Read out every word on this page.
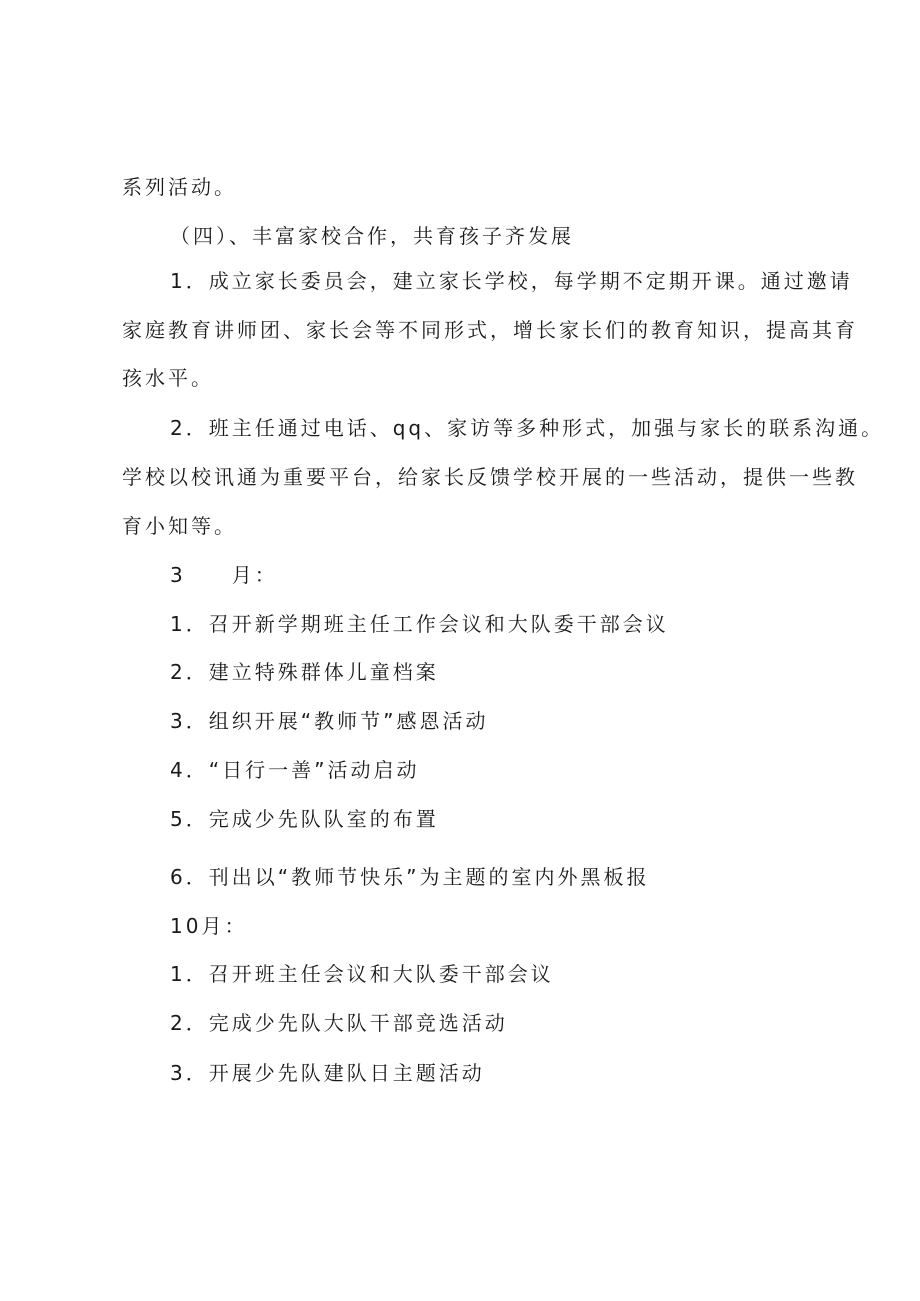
系列活动。

（四）、丰富家校合作，共育孩子齐发展

1．成立家长委员会，建立家长学校，每学期不定期开课。通过邀请

家庭教育讲师团、家长会等不同形式，增长家长们的教育知识，提高其育

孩水平。

2．班主任通过电话、qq、家访等多种形式，加强与家长的联系沟通。

学校以校讯通为重要平台，给家长反馈学校开展的一些活动，提供一些教

育小知等。

3　　月：

1．召开新学期班主任工作会议和大队委干部会议

2．建立特殊群体儿童档案

3．组织开展“教师节”感恩活动

4．“日行一善”活动启动

5．完成少先队队室的布置

6．刊出以“教师节快乐”为主题的室内外黑板报

10月：

1．召开班主任会议和大队委干部会议

2．完成少先队大队干部竞选活动

3．开展少先队建队日主题活动
